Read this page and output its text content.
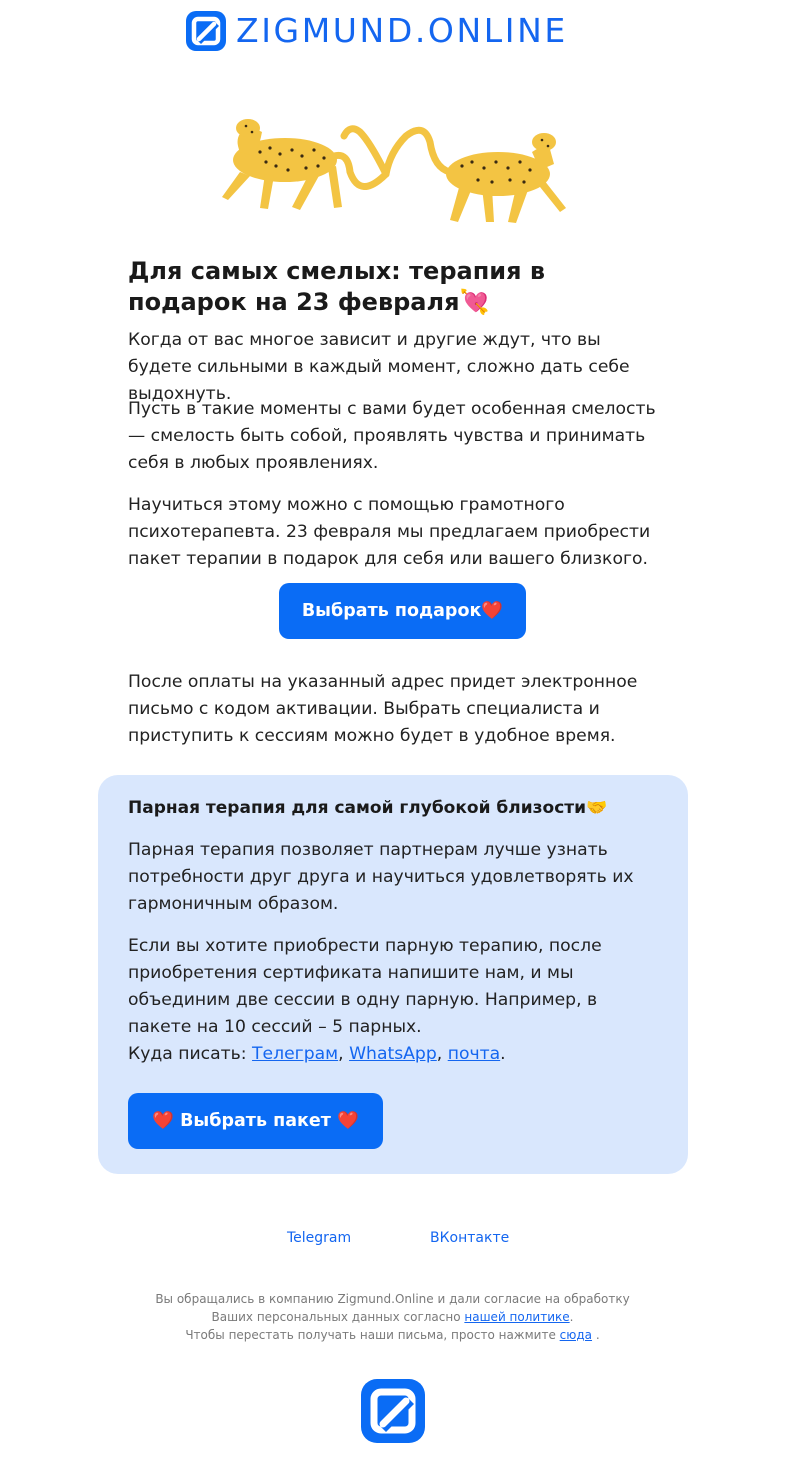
ZIGMUND.ONLINE
Для самых смелых: терапия в подарок на 23 февраля💘

Когда от вас многое зависит и другие ждут, что вы будете сильными в каждый момент, сложно дать себе выдохнуть.

Пусть в такие моменты с вами будет особенная смелость — смелость быть собой, проявлять чувства и принимать себя в любых проявлениях.

Научиться этому можно с помощью грамотного психотерапевта. 23 февраля мы предлагаем приобрести пакет терапии в подарок для себя или вашего близкого.

Выбрать подарок❤️

После оплаты на указанный адрес придет электронное письмо с кодом активации. Выбрать специалиста и приступить к сессиям можно будет в удобное время.

Парная терапия для самой глубокой близости🤝

Парная терапия позволяет партнерам лучше узнать потребности друг друга и научиться удовлетворять их гармоничным образом.

Если вы хотите приобрести парную терапию, после приобретения сертификата напишите нам, и мы объединим две сессии в одну парную. Например, в пакете на 10 сессий – 5 парных.
Куда писать: Телеграм, WhatsApp, почта.

❤️ Выбрать пакет ❤️
Telegram	ВКонтакте

Вы обращались в компанию Zigmund.Online и дали согласие на обработку Ваших персональных данных согласно нашей политике.
Чтобы перестать получать наши письма, просто нажмите сюда .
